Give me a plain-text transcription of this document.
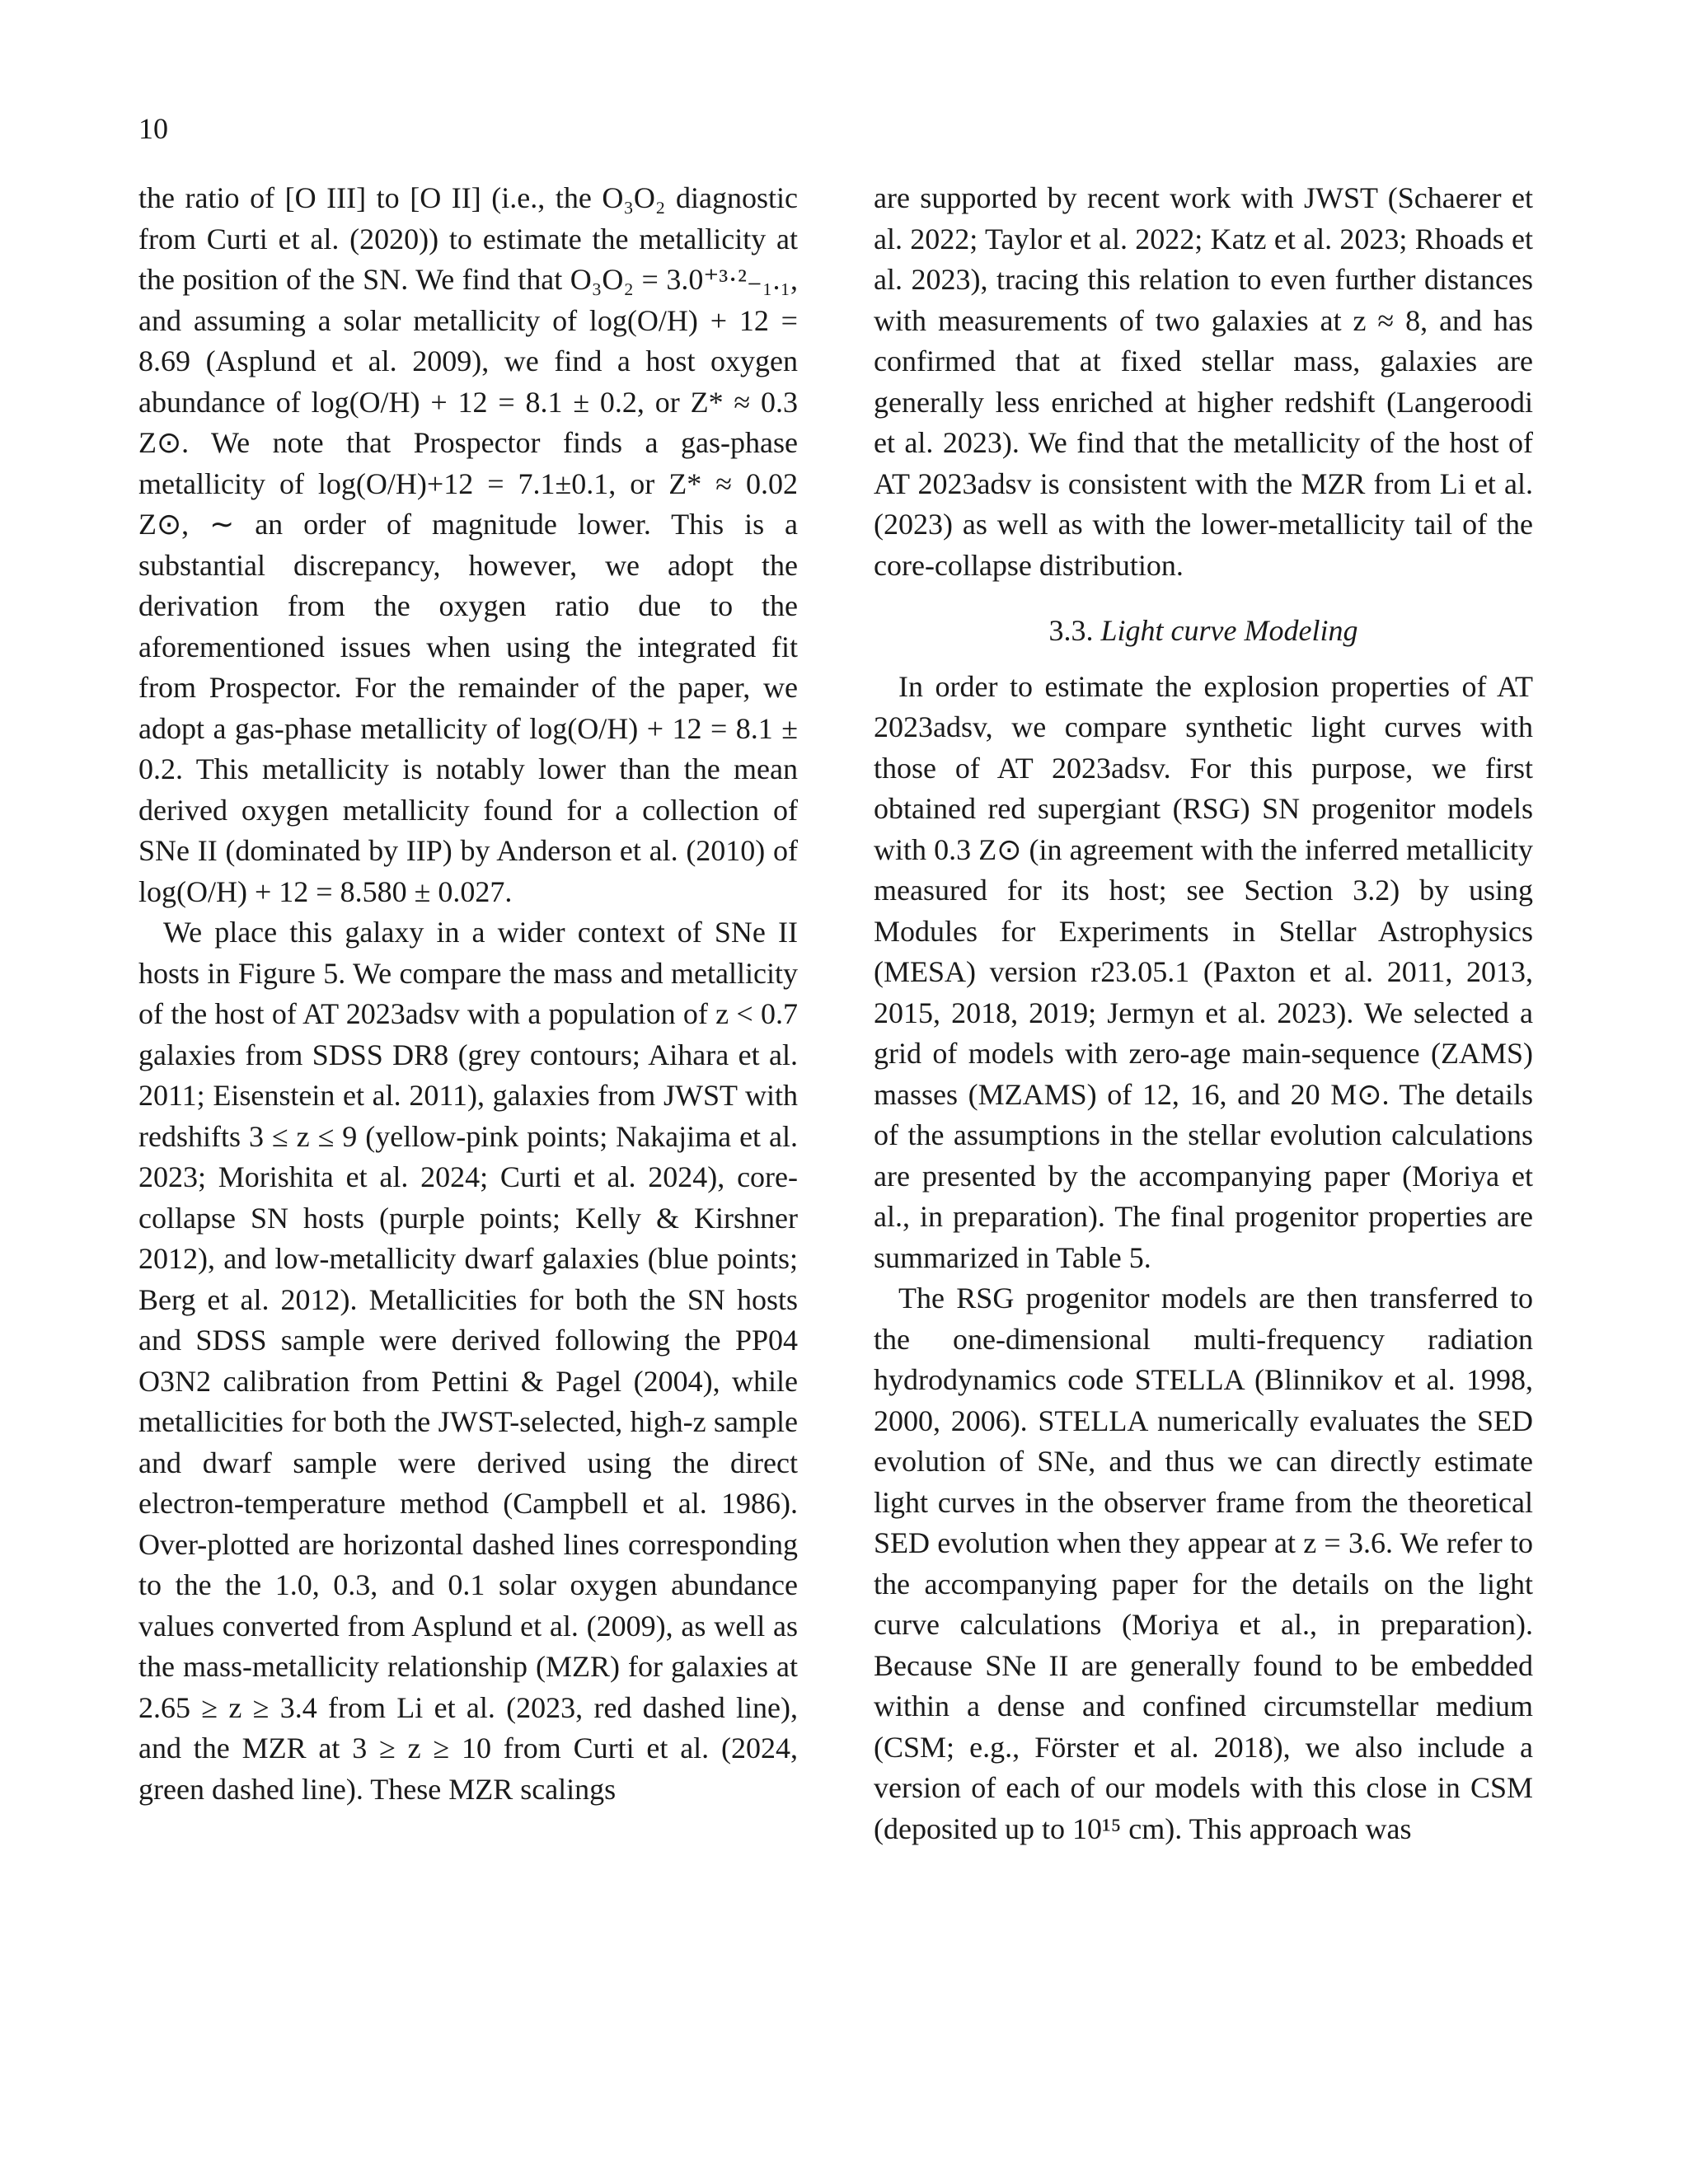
10

the ratio of [O III] to [O II] (i.e., the O₃O₂ diagnostic from Curti et al. (2020)) to estimate the metallicity at the position of the SN. We find that O₃O₂ = 3.0⁺³·²₋₁.₁, and assuming a solar metallicity of log(O/H) + 12 = 8.69 (Asplund et al. 2009), we find a host oxygen abundance of log(O/H) + 12 = 8.1 ± 0.2, or Z* ≈ 0.3 Z⊙. We note that Prospector finds a gas-phase metallicity of log(O/H)+12 = 7.1±0.1, or Z* ≈ 0.02 Z⊙, ∼ an order of magnitude lower. This is a substantial discrepancy, however, we adopt the derivation from the oxygen ratio due to the aforementioned issues when using the integrated fit from Prospector. For the remainder of the paper, we adopt a gas-phase metallicity of log(O/H) + 12 = 8.1 ± 0.2. This metallicity is notably lower than the mean derived oxygen metallicity found for a collection of SNe II (dominated by IIP) by Anderson et al. (2010) of log(O/H) + 12 = 8.580 ± 0.027.

We place this galaxy in a wider context of SNe II hosts in Figure 5. We compare the mass and metallicity of the host of AT 2023adsv with a population of z < 0.7 galaxies from SDSS DR8 (grey contours; Aihara et al. 2011; Eisenstein et al. 2011), galaxies from JWST with redshifts 3 ≤ z ≤ 9 (yellow-pink points; Nakajima et al. 2023; Morishita et al. 2024; Curti et al. 2024), core-collapse SN hosts (purple points; Kelly & Kirshner 2012), and low-metallicity dwarf galaxies (blue points; Berg et al. 2012). Metallicities for both the SN hosts and SDSS sample were derived following the PP04 O3N2 calibration from Pettini & Pagel (2004), while metallicities for both the JWST-selected, high-z sample and dwarf sample were derived using the direct electron-temperature method (Campbell et al. 1986). Over-plotted are horizontal dashed lines corresponding to the the 1.0, 0.3, and 0.1 solar oxygen abundance values converted from Asplund et al. (2009), as well as the mass-metallicity relationship (MZR) for galaxies at 2.65 ≥ z ≥ 3.4 from Li et al. (2023, red dashed line), and the MZR at 3 ≥ z ≥ 10 from Curti et al. (2024, green dashed line). These MZR scalings

are supported by recent work with JWST (Schaerer et al. 2022; Taylor et al. 2022; Katz et al. 2023; Rhoads et al. 2023), tracing this relation to even further distances with measurements of two galaxies at z ≈ 8, and has confirmed that at fixed stellar mass, galaxies are generally less enriched at higher redshift (Langeroodi et al. 2023). We find that the metallicity of the host of AT 2023adsv is consistent with the MZR from Li et al. (2023) as well as with the lower-metallicity tail of the core-collapse distribution.

3.3. Light curve Modeling

In order to estimate the explosion properties of AT 2023adsv, we compare synthetic light curves with those of AT 2023adsv. For this purpose, we first obtained red supergiant (RSG) SN progenitor models with 0.3 Z⊙ (in agreement with the inferred metallicity measured for its host; see Section 3.2) by using Modules for Experiments in Stellar Astrophysics (MESA) version r23.05.1 (Paxton et al. 2011, 2013, 2015, 2018, 2019; Jermyn et al. 2023). We selected a grid of models with zero-age main-sequence (ZAMS) masses (MZAMS) of 12, 16, and 20 M⊙. The details of the assumptions in the stellar evolution calculations are presented by the accompanying paper (Moriya et al., in preparation). The final progenitor properties are summarized in Table 5.

The RSG progenitor models are then transferred to the one-dimensional multi-frequency radiation hydrodynamics code STELLA (Blinnikov et al. 1998, 2000, 2006). STELLA numerically evaluates the SED evolution of SNe, and thus we can directly estimate light curves in the observer frame from the theoretical SED evolution when they appear at z = 3.6. We refer to the accompanying paper for the details on the light curve calculations (Moriya et al., in preparation). Because SNe II are generally found to be embedded within a dense and confined circumstellar medium (CSM; e.g., Förster et al. 2018), we also include a version of each of our models with this close in CSM (deposited up to 10¹⁵ cm). This approach was
